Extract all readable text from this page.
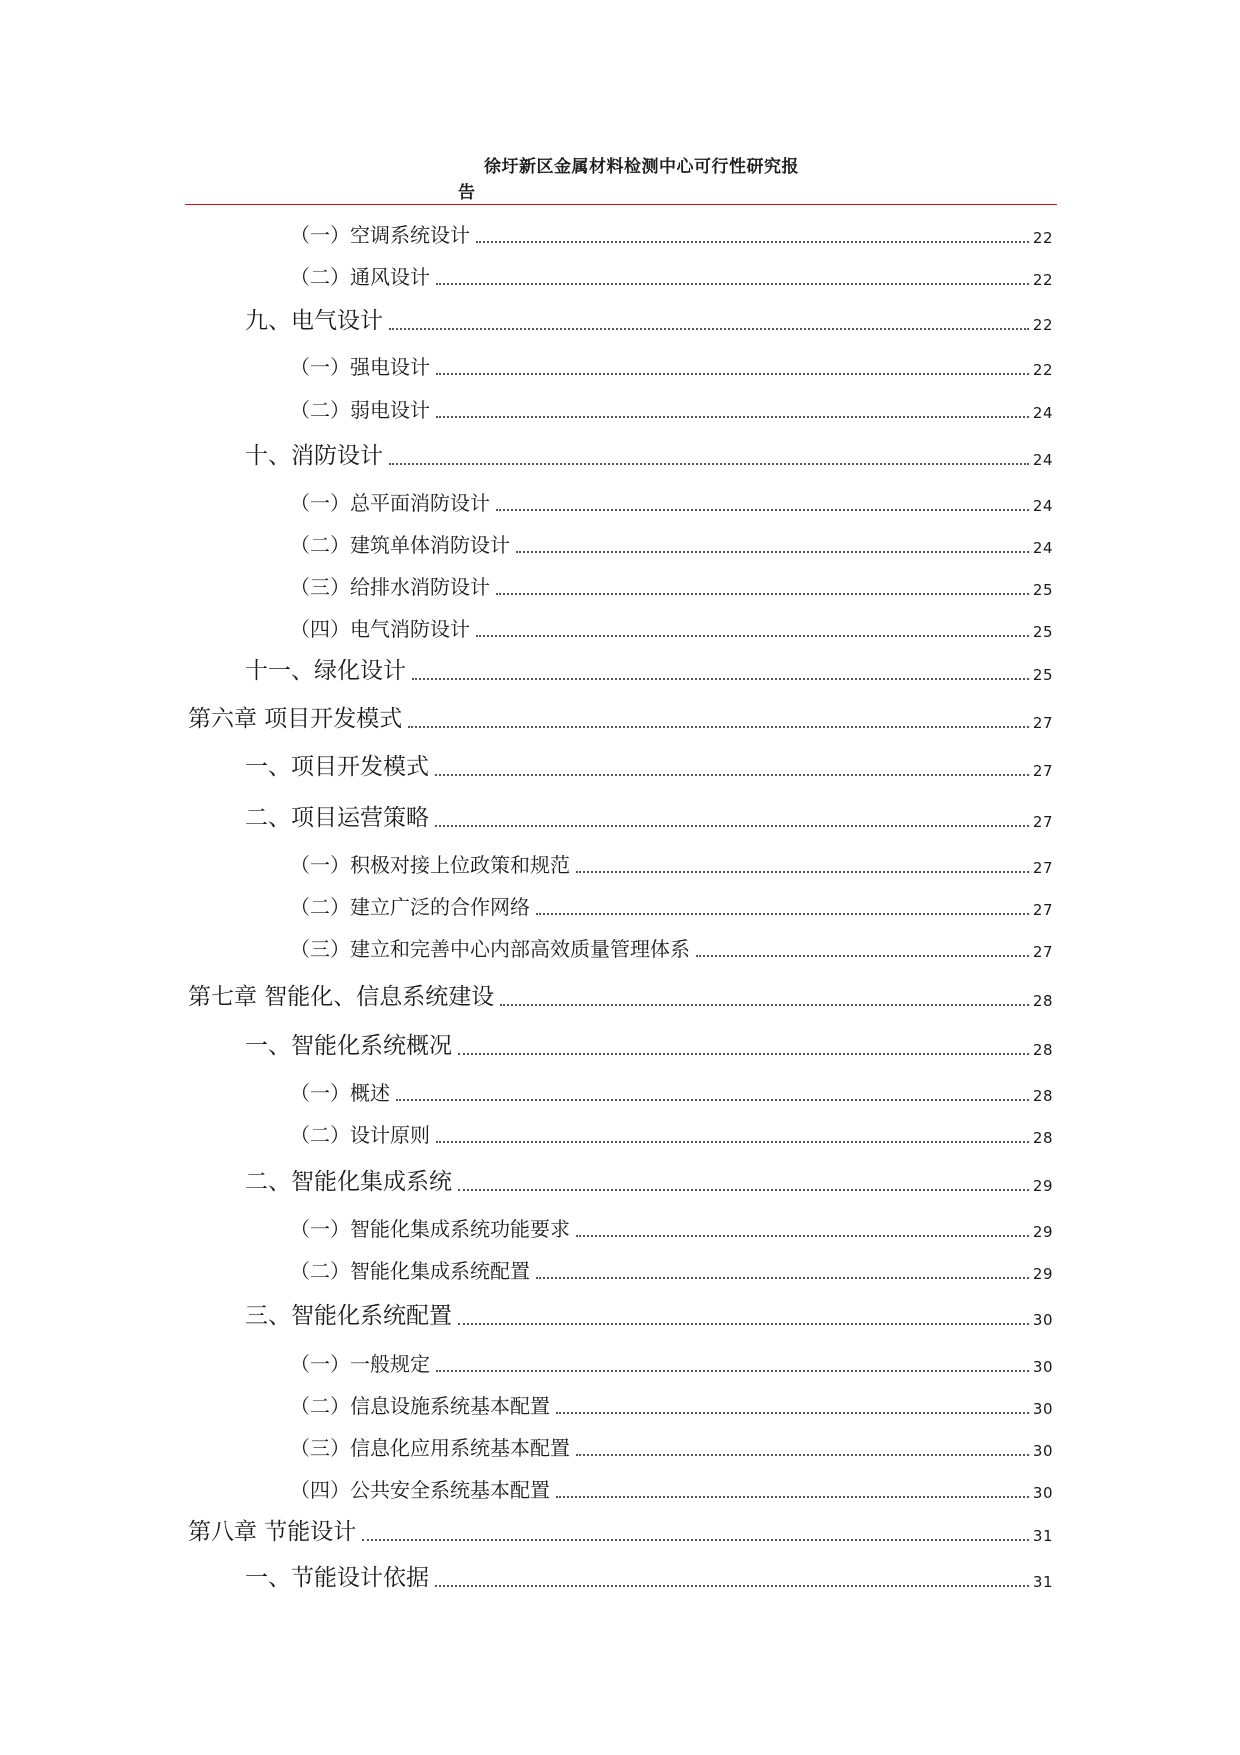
徐圩新区金属材料检测中心可行性研究报
告
（一）空调系统设计	22
（二）通风设计	22
九、电气设计	22
（一）强电设计	22
（二）弱电设计	24
十、消防设计	24
（一）总平面消防设计	24
（二）建筑单体消防设计	24
（三）给排水消防设计	25
（四）电气消防设计	25
十一、绿化设计	25
第六章 项目开发模式	27
一、项目开发模式	27
二、项目运营策略	27
（一）积极对接上位政策和规范	27
（二）建立广泛的合作网络	27
（三）建立和完善中心内部高效质量管理体系	27
第七章 智能化、信息系统建设	28
一、智能化系统概况	28
（一）概述	28
（二）设计原则	28
二、智能化集成系统	29
（一）智能化集成系统功能要求	29
（二）智能化集成系统配置	29
三、智能化系统配置	30
（一）一般规定	30
（二）信息设施系统基本配置	30
（三）信息化应用系统基本配置	30
（四）公共安全系统基本配置	30
第八章 节能设计	31
一、节能设计依据	31
